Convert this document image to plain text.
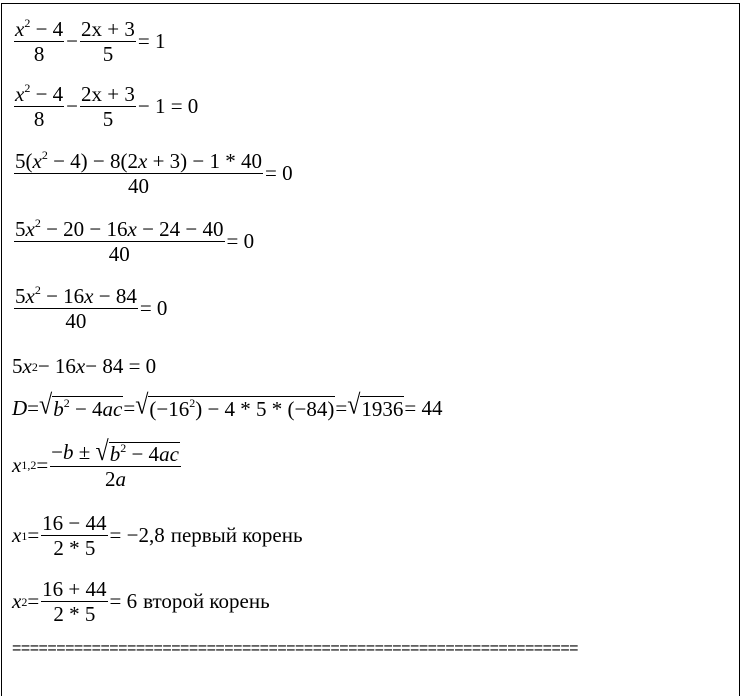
$\frac{x^2 - 4}{8} - \frac{2x + 3}{5} = 1$
$\frac{x^2 - 4}{8} - \frac{2x + 3}{5} - 1 = 0$
$\frac{5(x^2 - 4) - 8(2x + 3) - 1 * 40}{40} = 0$
$\frac{5x^2 - 20 - 16x - 24 - 40}{40} = 0$
$\frac{5x^2 - 16x - 84}{40} = 0$
5 x 2 − 16 x − 84 = 0
D = √ $b^2 - 4ac$ = √ $(-16^2) - 4 * 5 * (-84)$ = √ 1936 = 44
x $1,2 = \frac{-b \pm √ b^2 - 4ac}{2a}$
x $1 = \frac{16 - 44}{2 * 5} = -2,8$ первый корень
x $2 = \frac{16 + 44}{2 * 5} = 6$ второй корень
================================================================
